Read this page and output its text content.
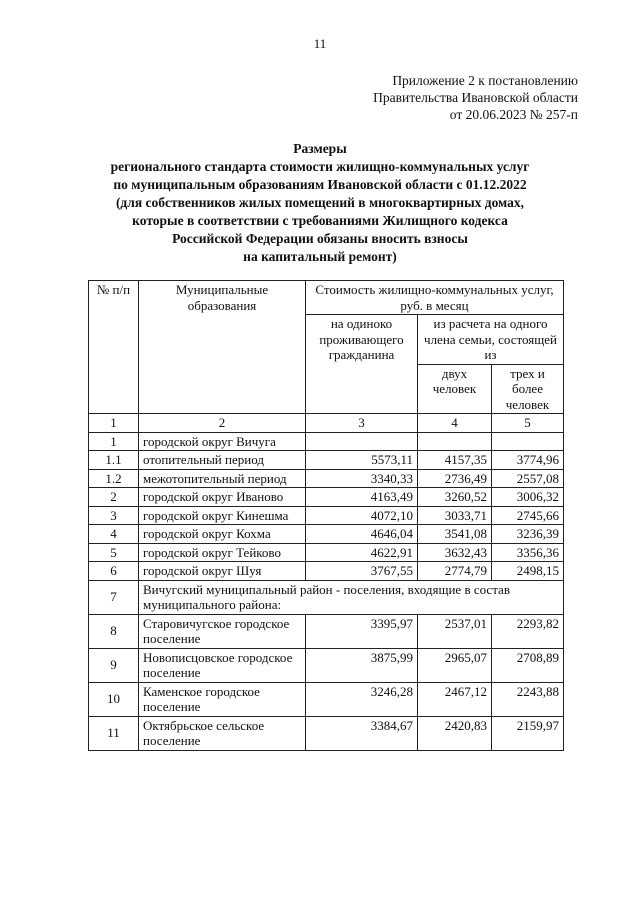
11
Приложение 2 к постановлению
Правительства Ивановской области
от 20.06.2023 № 257-п
Размеры
регионального стандарта стоимости жилищно-коммунальных услуг
по муниципальным образованиям Ивановской области с 01.12.2022
(для собственников жилых помещений в многоквартирных домах,
которые в соответствии с требованиями Жилищного кодекса
Российской Федерации обязаны вносить взносы
на капитальный ремонт)
№ п/п	Муниципальные образования	Стоимость жилищно-коммунальных услуг, руб. в месяц		
		на одиноко проживающего гражданина	из расчета на одного члена семьи, состоящей из	
			двух человек	трех и более человек
1	2	3	4	5
1	городской округ Вичуга			
1.1	отопительный период	5573,11	4157,35	3774,96
1.2	межотопительный период	3340,33	2736,49	2557,08
2	городской округ Иваново	4163,49	3260,52	3006,32
3	городской округ Кинешма	4072,10	3033,71	2745,66
4	городской округ Кохма	4646,04	3541,08	3236,39
5	городской округ Тейково	4622,91	3632,43	3356,36
6	городской округ Шуя	3767,55	2774,79	2498,15
7	Вичугский муниципальный район - поселения, входящие в состав муниципального района:			
8	Старовичугское городское поселение	3395,97	2537,01	2293,82
9	Новописцовское городское поселение	3875,99	2965,07	2708,89
10	Каменское городское поселение	3246,28	2467,12	2243,88
11	Октябрьское сельское поселение	3384,67	2420,83	2159,97
